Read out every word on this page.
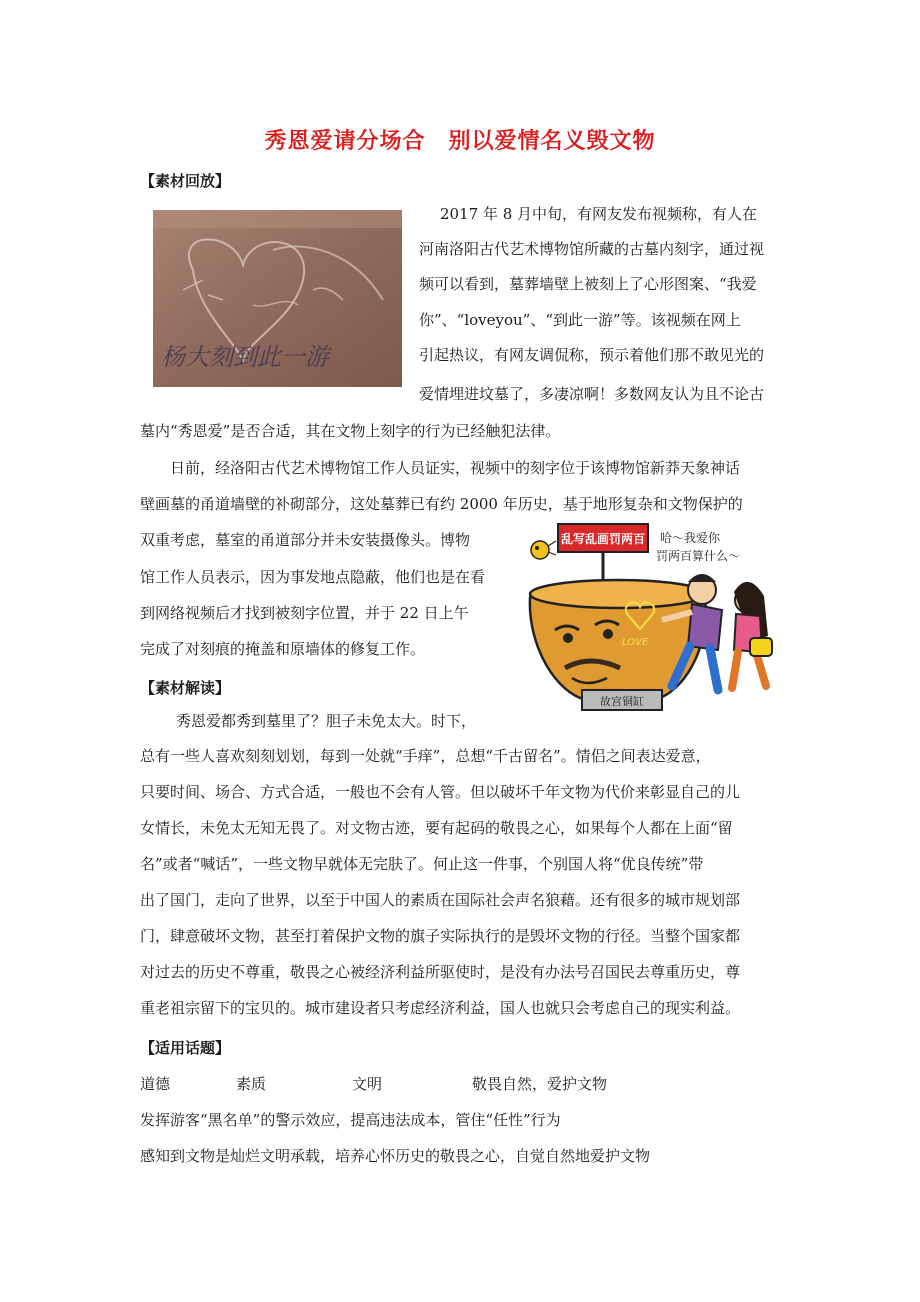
秀恩爱请分场合　别以爱情名义毁文物
【素材回放】
杨大刻到此一游
2017 年 8 月中旬，有网友发布视频称，有人在
河南洛阳古代艺术博物馆所藏的古墓内刻字，通过视
频可以看到，墓葬墙壁上被刻上了心形图案、“我爱
你”、“loveyou”、“到此一游”等。该视频在网上
引起热议，有网友调侃称，预示着他们那不敢见光的
爱情埋进坟墓了，多凄凉啊！多数网友认为且不论古
墓内“秀恩爱”是否合适，其在文物上刻字的行为已经触犯法律。
日前，经洛阳古代艺术博物馆工作人员证实，视频中的刻字位于该博物馆新莽天象神话
壁画墓的甬道墙壁的补砌部分，这处墓葬已有约 2000 年历史，基于地形复杂和文物保护的
双重考虑，墓室的甬道部分并未安装摄像头。博物
馆工作人员表示，因为事发地点隐蔽，他们也是在看
到网络视频后才找到被刻字位置，并于 22 日上午
完成了对刻痕的掩盖和原墙体的修复工作。
乱写乱画罚两百 哈～我爱你
罚两百算什么～
LOVE
故宫铜缸
【素材解读】
秀恩爱都秀到墓里了？胆子未免太大。时下，
总有一些人喜欢刻刻划划，每到一处就“手痒”，总想“千古留名”。情侣之间表达爱意，
只要时间、场合、方式合适，一般也不会有人管。但以破坏千年文物为代价来彰显自己的儿
女情长，未免太无知无畏了。对文物古迹，要有起码的敬畏之心，如果每个人都在上面“留
名”或者“喊话”，一些文物早就体无完肤了。何止这一件事，个别国人将“优良传统”带
出了国门，走向了世界，以至于中国人的素质在国际社会声名狼藉。还有很多的城市规划部
门，肆意破坏文物，甚至打着保护文物的旗子实际执行的是毁坏文物的行径。当整个国家都
对过去的历史不尊重，敬畏之心被经济利益所驱使时，是没有办法号召国民去尊重历史，尊
重老祖宗留下的宝贝的。城市建设者只考虑经济利益，国人也就只会考虑自己的现实利益。
【适用话题】
道德	素质	文明	敬畏自然，爱护文物
发挥游客“黑名单”的警示效应，提高违法成本，管住“任性”行为
感知到文物是灿烂文明承载，培养心怀历史的敬畏之心，自觉自然地爱护文物
